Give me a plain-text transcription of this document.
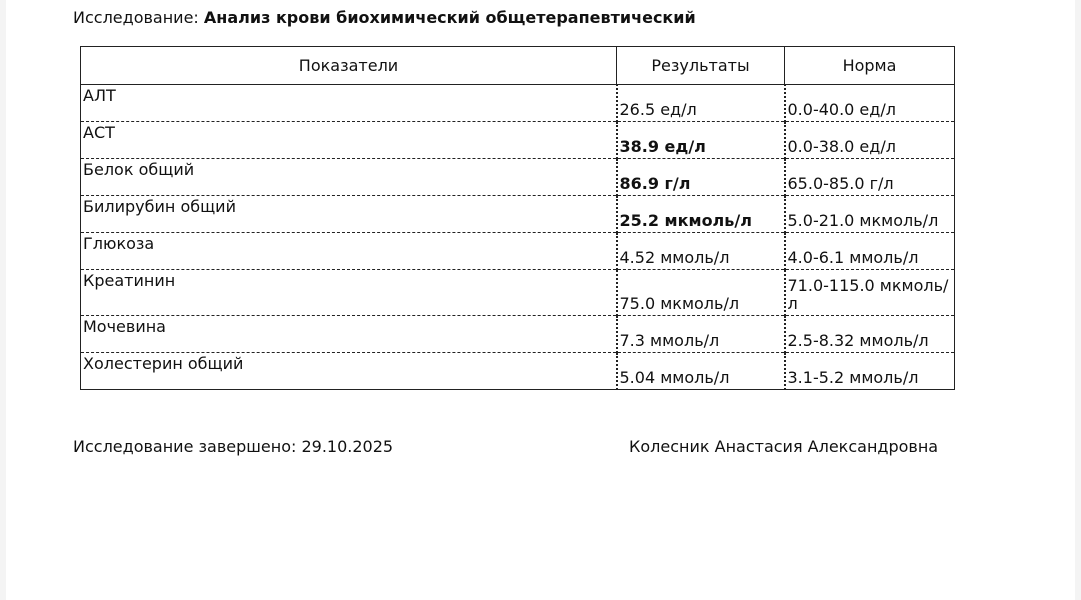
Исследование: Анализ крови биохимический общетерапевтический
Показатели	Результаты	Норма
АЛТ	26.5 ед/л	0.0-40.0 ед/л
АСТ	38.9 ед/л	0.0-38.0 ед/л
Белок общий	86.9 г/л	65.0-85.0 г/л
Билирубин общий	25.2 мкмоль/л	5.0-21.0 мкмоль/л
Глюкоза	4.52 ммоль/л	4.0-6.1 ммоль/л
Креатинин	75.0 мкмоль/л	71.0-115.0 мкмоль/л
Мочевина	7.3 ммоль/л	2.5-8.32 ммоль/л
Холестерин общий	5.04 ммоль/л	3.1-5.2 ммоль/л
Исследование завершено: 29.10.2025	Колесник Анастасия Александровна
